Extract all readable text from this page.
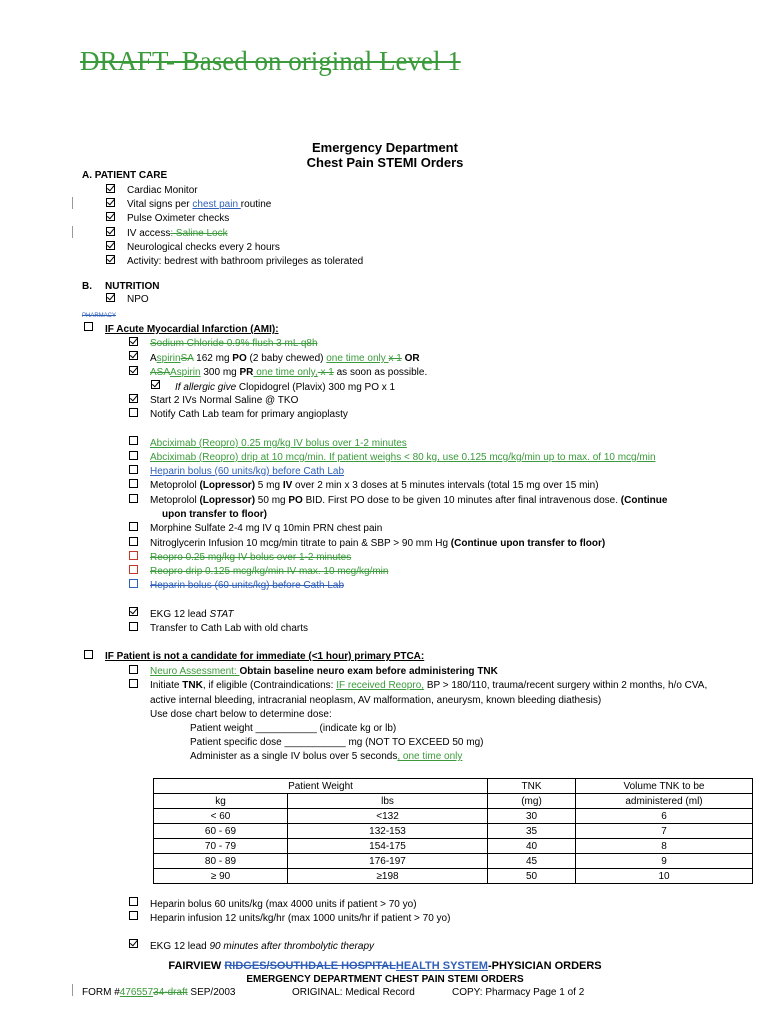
DRAFT- Based on original Level 1
Emergency Department
Chest Pain STEMI Orders
A. PATIENT CARE
Cardiac Monitor
Vital signs per chest pain routine
Pulse Oximeter checks
IV access: Saline Lock
Neurological checks every 2 hours
Activity: bedrest with bathroom privileges as tolerated
B. NUTRITION
NPO
PHARMACY
IF Acute Myocardial Infarction (AMI):
Sodium Chloride 0.9% flush 3 mL q8h
AspirinSA 162 mg PO (2 baby chewed) one time only x 1 OR
ASAAspirin 300 mg PR one time only, x 1 as soon as possible.
If allergic give Clopidogrel (Plavix) 300 mg PO x 1
Start 2 IVs Normal Saline @ TKO
Notify Cath Lab team for primary angioplasty
Abciximab (Reopro) 0.25 mg/kg IV bolus over 1-2 minutes
Abciximab (Reopro) drip at 10 mcg/min. If patient weighs < 80 kg, use 0.125 mcg/kg/min up to max. of 10 mcg/min
Heparin bolus (60 units/kg) before Cath Lab
Metoprolol (Lopressor) 5 mg IV over 2 min x 3 doses at 5 minutes intervals (total 15 mg over 15 min)
Metoprolol (Lopressor) 50 mg PO BID. First PO dose to be given 10 minutes after final intravenous dose. (Continue
upon transfer to floor)
Morphine Sulfate 2-4 mg IV q 10min PRN chest pain
Nitroglycerin Infusion 10 mcg/min titrate to pain & SBP > 90 mm Hg (Continue upon transfer to floor)
Reopro 0.25 mg/kg IV bolus over 1-2 minutes
Reopro drip 0.125 mcg/kg/min IV max. 10 mcg/kg/min
Heparin bolus (60 units/kg) before Cath Lab
EKG 12 lead STAT
Transfer to Cath Lab with old charts
IF Patient is not a candidate for immediate (<1 hour) primary PTCA:
Neuro Assessment: Obtain baseline neuro exam before administering TNK
Initiate TNK, if eligible (Contraindications: IF received Reopro, BP > 180/110, trauma/recent surgery within 2 months, h/o CVA,
active internal bleeding, intracranial neoplasm, AV malformation, aneurysm, known bleeding diathesis)
Use dose chart below to determine dose:
Patient weight ___________ (indicate kg or lb)
Patient specific dose ___________ mg (NOT TO EXCEED 50 mg)
Administer as a single IV bolus over 5 seconds, one time only
Patient Weight		TNK	Volume TNK to be
kg	lbs	(mg)	administered (ml)
< 60	<132	30	6
60 - 69	132-153	35	7
70 - 79	154-175	40	8
80 - 89	176-197	45	9
≥ 90	≥198	50	10
Heparin bolus 60 units/kg (max 4000 units if patient > 70 yo)
Heparin infusion 12 units/kg/hr (max 1000 units/hr if patient > 70 yo)
EKG 12 lead 90 minutes after thrombolytic therapy
FAIRVIEW RIDGES/SOUTHDALE HOSPITALHEALTH SYSTEM-PHYSICIAN ORDERS
EMERGENCY DEPARTMENT CHEST PAIN STEMI ORDERS
FORM #47655734-draft SEP/2003	ORIGINAL: Medical Record	COPY: Pharmacy Page 1 of 2
